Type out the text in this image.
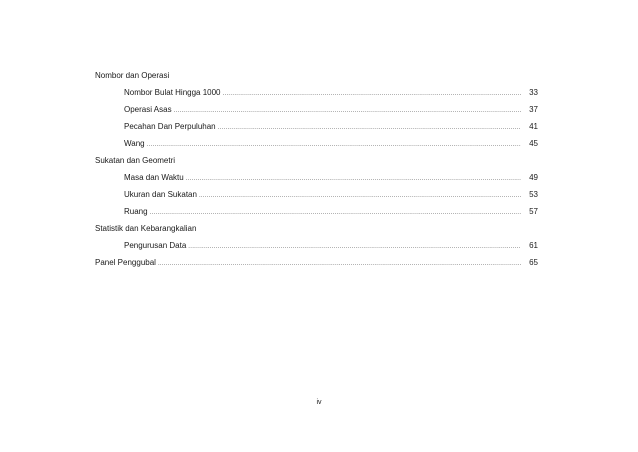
Nombor dan Operasi
Nombor Bulat Hingga 1000 .....	33
Operasi Asas .....	37
Pecahan Dan Perpuluhan .....	41
Wang .....	45
Sukatan dan Geometri
Masa dan Waktu .....	49
Ukuran dan Sukatan .....	53
Ruang .....	57
Statistik dan Kebarangkalian
Pengurusan Data .....	61
Panel Penggubal .....	65
iv
